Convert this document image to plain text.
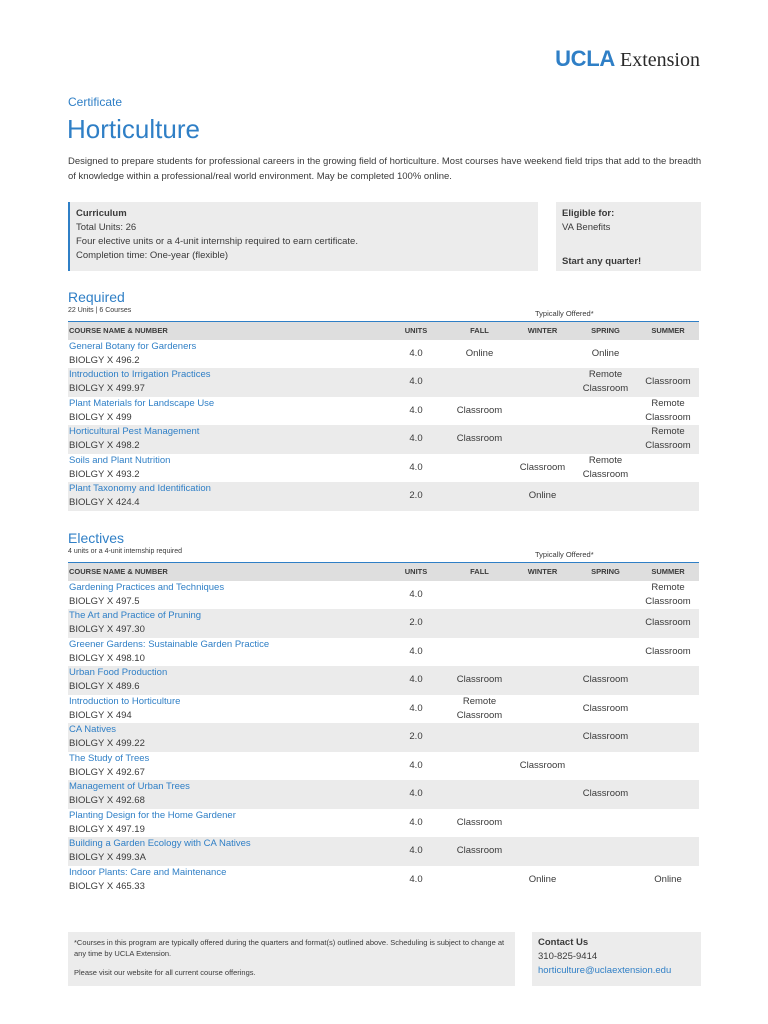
UCLA Extension
Certificate
Horticulture

Designed to prepare students for professional careers in the growing field of horticulture. Most courses have weekend field trips that add to the breadth of knowledge within a professional/real world environment. May be completed 100% online.

Curriculum
Total Units: 26
Four elective units or a 4-unit internship required to earn certificate.
Completion time: One-year (flexible)
Eligible for:
VA Benefits
Start any quarter!
Required
22 Units | 6 Courses	Typically Offered*
COURSE NAME & NUMBER	UNITS	FALL	WINTER	SPRING	SUMMER

General Botany for Gardeners
BIOLGY X 496.2	4.0	Online		Online	

Introduction to Irrigation Practices
BIOLGY X 499.97	4.0			Remote Classroom	Classroom

Plant Materials for Landscape Use
BIOLGY X 499	4.0	Classroom			Remote Classroom

Horticultural Pest Management
BIOLGY X 498.2	4.0	Classroom			Remote Classroom

Soils and Plant Nutrition
BIOLGY X 493.2	4.0		Classroom	Remote Classroom	

Plant Taxonomy and Identification
BIOLGY X 424.4	2.0		Online		
Electives
4 units or a 4-unit internship required	Typically Offered*
COURSE NAME & NUMBER	UNITS	FALL	WINTER	SPRING	SUMMER

Gardening Practices and Techniques
BIOLGY X 497.5	4.0				Remote Classroom

The Art and Practice of Pruning
BIOLGY X 497.30	2.0				Classroom

Greener Gardens: Sustainable Garden Practice
BIOLGY X 498.10	4.0				Classroom

Urban Food Production
BIOLGY X 489.6	4.0	Classroom		Classroom	

Introduction to Horticulture
BIOLGY X 494	4.0	Remote Classroom		Classroom	

CA Natives
BIOLGY X 499.22	2.0			Classroom	

The Study of Trees
BIOLGY X 492.67	4.0		Classroom		

Management of Urban Trees
BIOLGY X 492.68	4.0			Classroom	

Planting Design for the Home Gardener
BIOLGY X 497.19	4.0	Classroom			

Building a Garden Ecology with CA Natives
BIOLGY X 499.3A	4.0	Classroom			

Indoor Plants: Care and Maintenance
BIOLGY X 465.33	4.0		Online		Online
*Courses in this program are typically offered during the quarters and format(s) outlined above. Scheduling is subject to change at any time by UCLA Extension.
Please visit our website for all current course offerings.
Contact Us
310-825-9414
horticulture@uclaextension.edu
